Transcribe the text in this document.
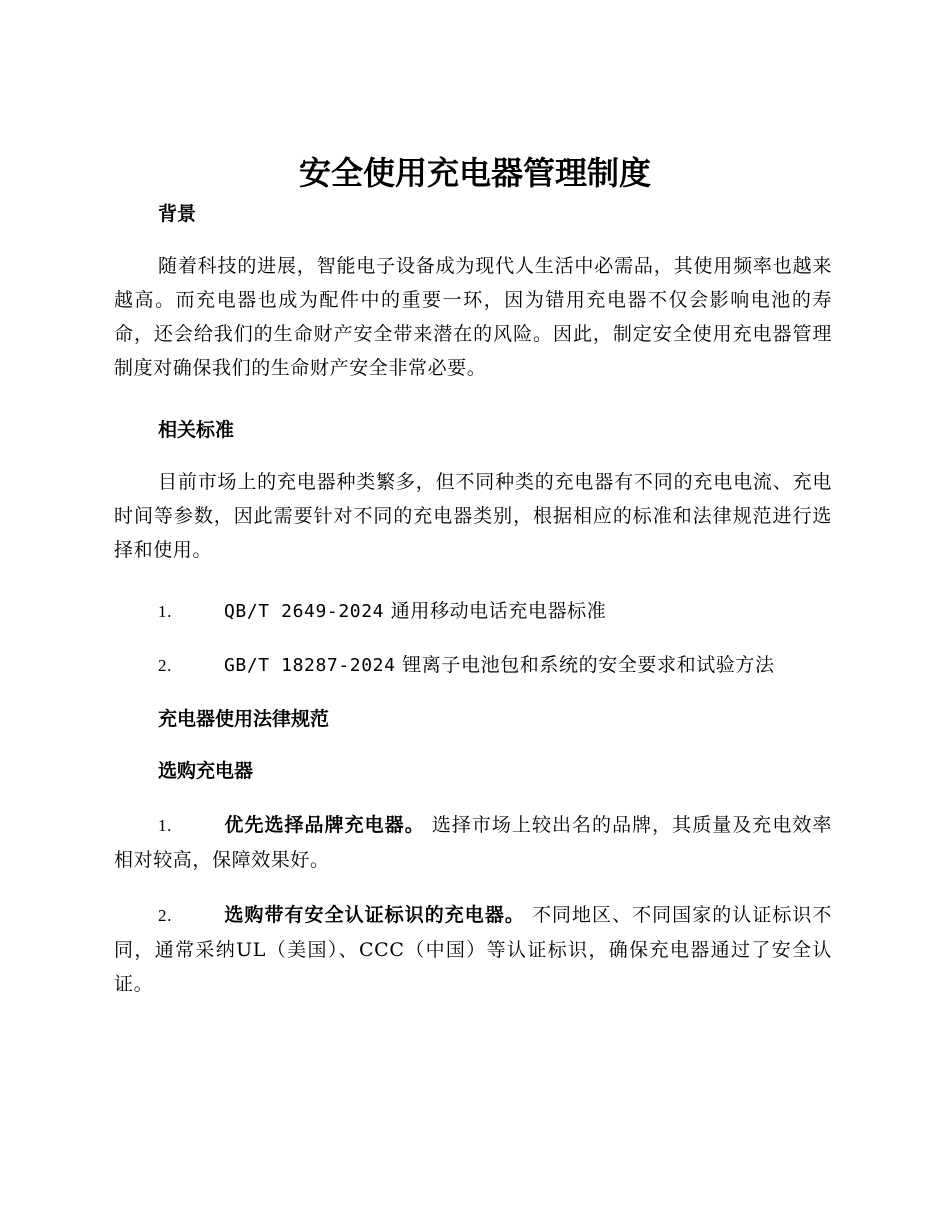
安全使用充电器管理制度
背景

随着科技的进展，智能电子设备成为现代人生活中必需品，其使用频率也越来越高。而充电器也成为配件中的重要一环，因为错用充电器不仅会影响电池的寿命，还会给我们的生命财产安全带来潜在的风险。因此，制定安全使用充电器管理制度对确保我们的生命财产安全非常必要。

相关标准

目前市场上的充电器种类繁多，但不同种类的充电器有不同的充电电流、充电时间等参数，因此需要针对不同的充电器类别，根据相应的标准和法律规范进行选择和使用。

1.	QB/T 2649-2024 通用移动电话充电器标准
2.	GB/T 18287-2024 锂离子电池包和系统的安全要求和试验方法
充电器使用法律规范
选购充电器

1.	优先选择品牌充电器。 选择市场上较出名的品牌，其质量及充电效率相对较高，保障效果好。

2.	选购带有安全认证标识的充电器。 不同地区、不同国家的认证标识不同，通常采纳UL（美国）、CCC（中国）等认证标识，确保充电器通过了安全认证。
